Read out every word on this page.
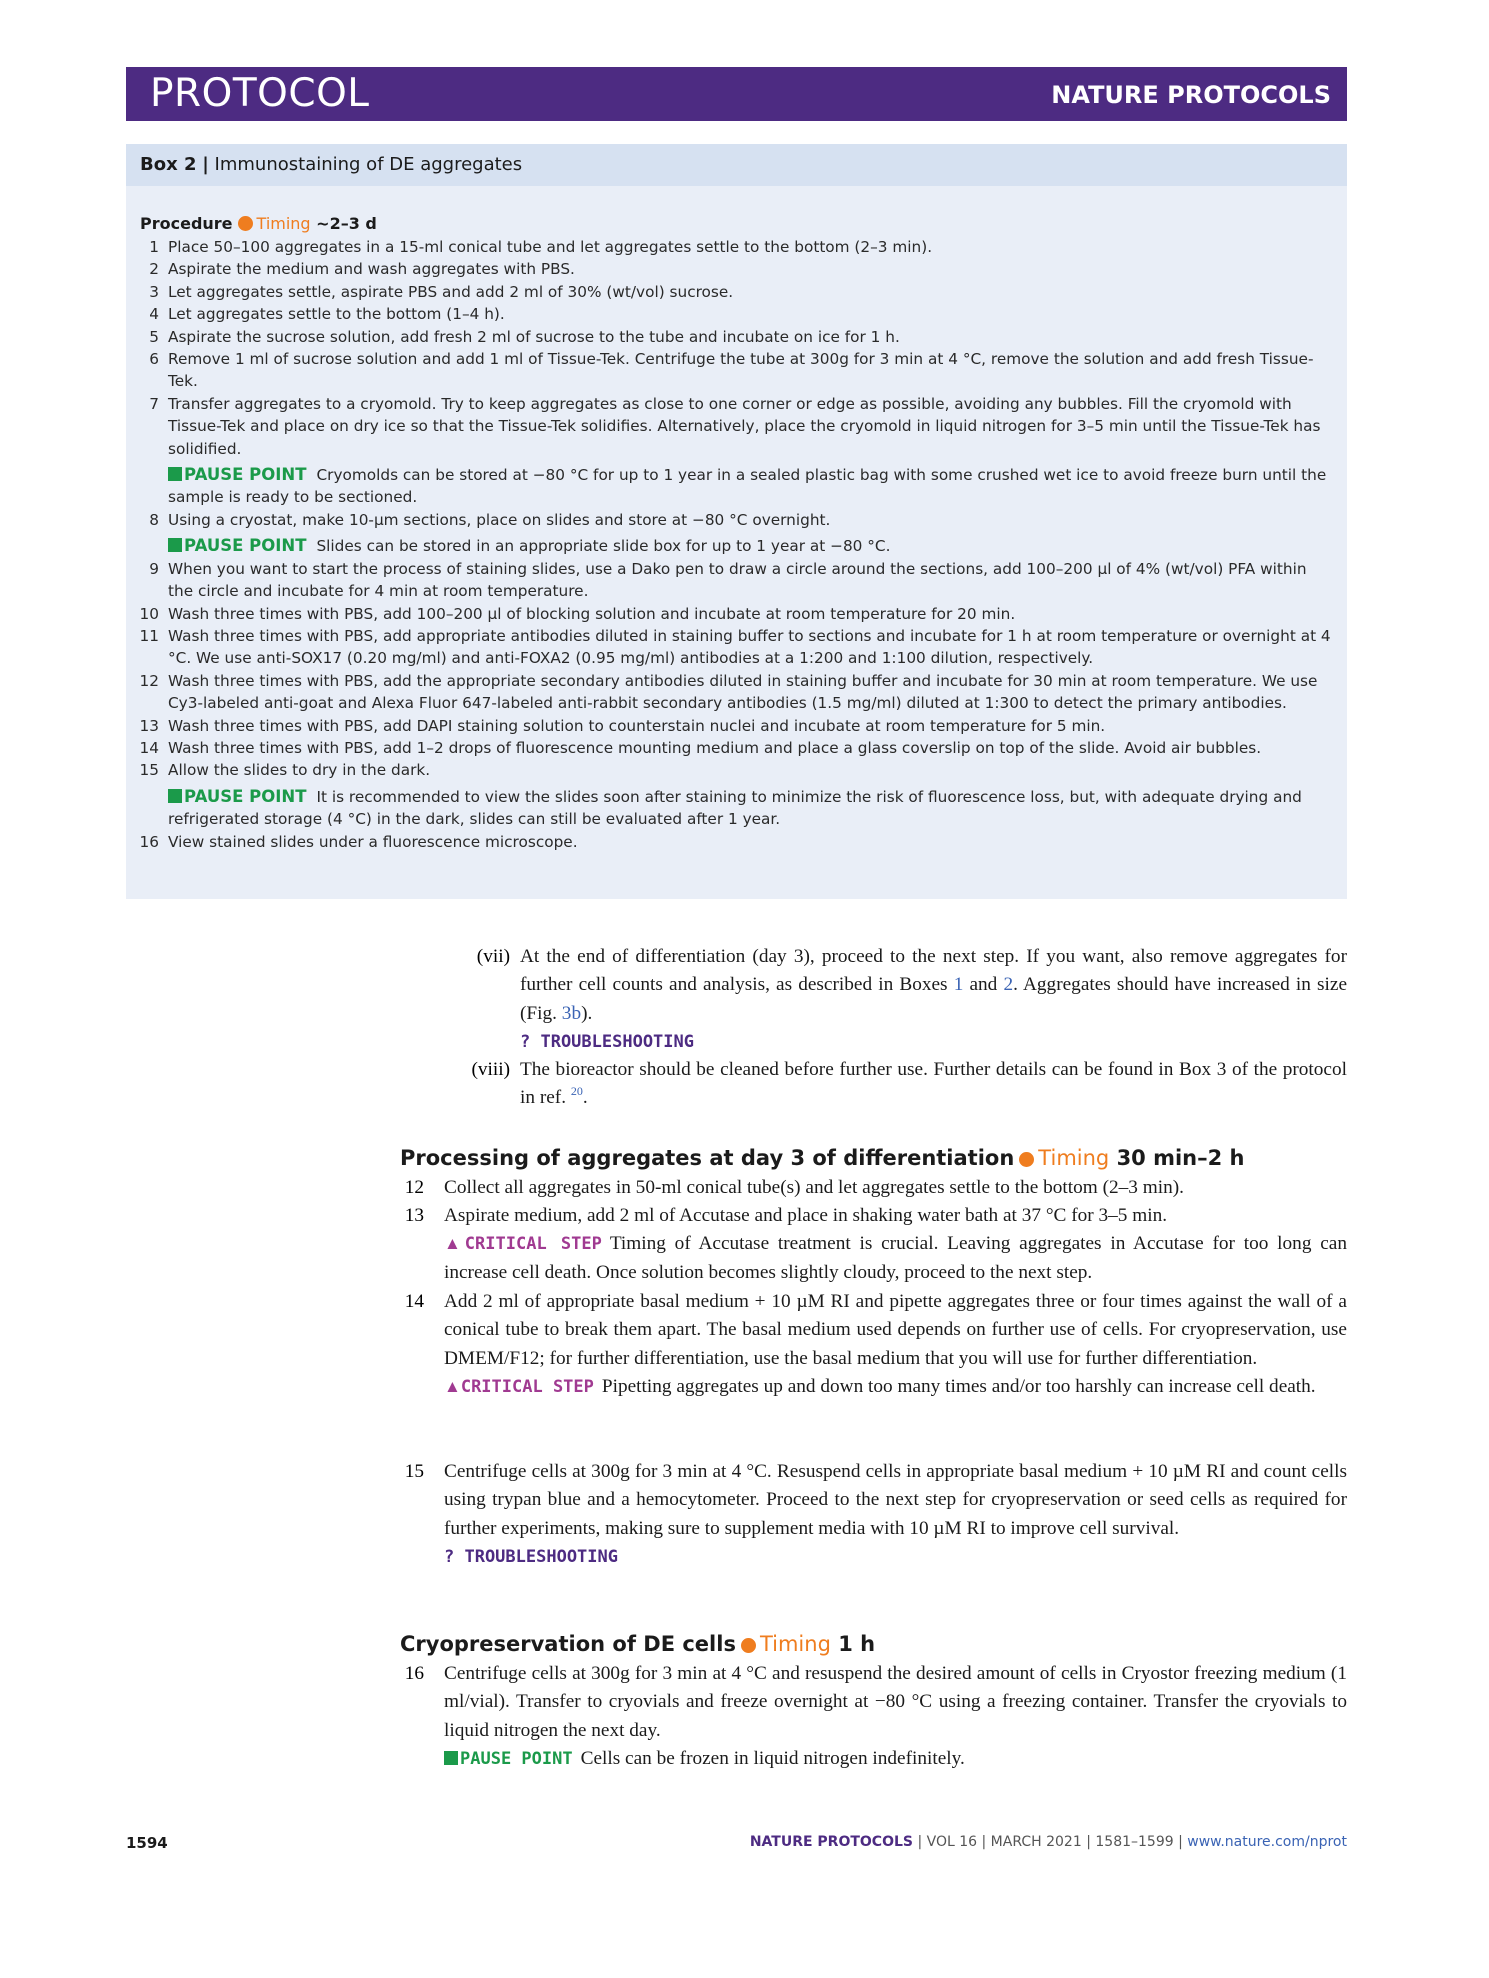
PROTOCOL	NATURE PROTOCOLS
Box 2 | Immunostaining of DE aggregates
Procedure Timing ~2–3 d
1 Place 50–100 aggregates in a 15-ml conical tube and let aggregates settle to the bottom (2–3 min).
2 Aspirate the medium and wash aggregates with PBS.
3 Let aggregates settle, aspirate PBS and add 2 ml of 30% (wt/vol) sucrose.
4 Let aggregates settle to the bottom (1–4 h).
5 Aspirate the sucrose solution, add fresh 2 ml of sucrose to the tube and incubate on ice for 1 h.
6 Remove 1 ml of sucrose solution and add 1 ml of Tissue-Tek. Centrifuge the tube at 300g for 3 min at 4 °C, remove the solution and add fresh Tissue-Tek.
7 Transfer aggregates to a cryomold. Try to keep aggregates as close to one corner or edge as possible, avoiding any bubbles. Fill the cryomold with Tissue-Tek and place on dry ice so that the Tissue-Tek solidifies. Alternatively, place the cryomold in liquid nitrogen for 3–5 min until the Tissue-Tek has solidified.
PAUSE POINT Cryomolds can be stored at −80 °C for up to 1 year in a sealed plastic bag with some crushed wet ice to avoid freeze burn until the sample is ready to be sectioned.
8 Using a cryostat, make 10-µm sections, place on slides and store at −80 °C overnight.
PAUSE POINT Slides can be stored in an appropriate slide box for up to 1 year at −80 °C.
9 When you want to start the process of staining slides, use a Dako pen to draw a circle around the sections, add 100–200 µl of 4% (wt/vol) PFA within the circle and incubate for 4 min at room temperature.
10 Wash three times with PBS, add 100–200 µl of blocking solution and incubate at room temperature for 20 min.
11 Wash three times with PBS, add appropriate antibodies diluted in staining buffer to sections and incubate for 1 h at room temperature or overnight at 4 °C. We use anti-SOX17 (0.20 mg/ml) and anti-FOXA2 (0.95 mg/ml) antibodies at a 1:200 and 1:100 dilution, respectively.
12 Wash three times with PBS, add the appropriate secondary antibodies diluted in staining buffer and incubate for 30 min at room temperature. We use Cy3-labeled anti-goat and Alexa Fluor 647-labeled anti-rabbit secondary antibodies (1.5 mg/ml) diluted at 1:300 to detect the primary antibodies.
13 Wash three times with PBS, add DAPI staining solution to counterstain nuclei and incubate at room temperature for 5 min.
14 Wash three times with PBS, add 1–2 drops of fluorescence mounting medium and place a glass coverslip on top of the slide. Avoid air bubbles.
15 Allow the slides to dry in the dark.
PAUSE POINT It is recommended to view the slides soon after staining to minimize the risk of fluorescence loss, but, with adequate drying and refrigerated storage (4 °C) in the dark, slides can still be evaluated after 1 year.
16 View stained slides under a fluorescence microscope.
(vii) At the end of differentiation (day 3), proceed to the next step. If you want, also remove aggregates for further cell counts and analysis, as described in Boxes 1 and 2. Aggregates should have increased in size (Fig. 3b).
? TROUBLESHOOTING
(viii) The bioreactor should be cleaned before further use. Further details can be found in Box 3 of the protocol in ref. $^{20}$.
Processing of aggregates at day 3 of differentiation Timing 30 min–2 h
12 Collect all aggregates in 50-ml conical tube(s) and let aggregates settle to the bottom (2–3 min).
13 Aspirate medium, add 2 ml of Accutase and place in shaking water bath at 37 °C for 3–5 min.
▲CRITICAL STEP Timing of Accutase treatment is crucial. Leaving aggregates in Accutase for too long can increase cell death. Once solution becomes slightly cloudy, proceed to the next step.
14 Add 2 ml of appropriate basal medium + 10 µM RI and pipette aggregates three or four times against the wall of a conical tube to break them apart. The basal medium used depends on further use of cells. For cryopreservation, use DMEM/F12; for further differentiation, use the basal medium that you will use for further differentiation.
▲CRITICAL STEP Pipetting aggregates up and down too many times and/or too harshly can increase cell death.
15 Centrifuge cells at 300g for 3 min at 4 °C. Resuspend cells in appropriate basal medium + 10 µM RI and count cells using trypan blue and a hemocytometer. Proceed to the next step for cryopreservation or seed cells as required for further experiments, making sure to supplement media with 10 µM RI to improve cell survival.
? TROUBLESHOOTING
Cryopreservation of DE cells Timing 1 h
16 Centrifuge cells at 300g for 3 min at 4 °C and resuspend the desired amount of cells in Cryostor freezing medium (1 ml/vial). Transfer to cryovials and freeze overnight at −80 °C using a freezing container. Transfer the cryovials to liquid nitrogen the next day.
PAUSE POINT Cells can be frozen in liquid nitrogen indefinitely.
1594	NATURE PROTOCOLS | VOL 16 | MARCH 2021 | 1581–1599 | www.nature.com/nprot
